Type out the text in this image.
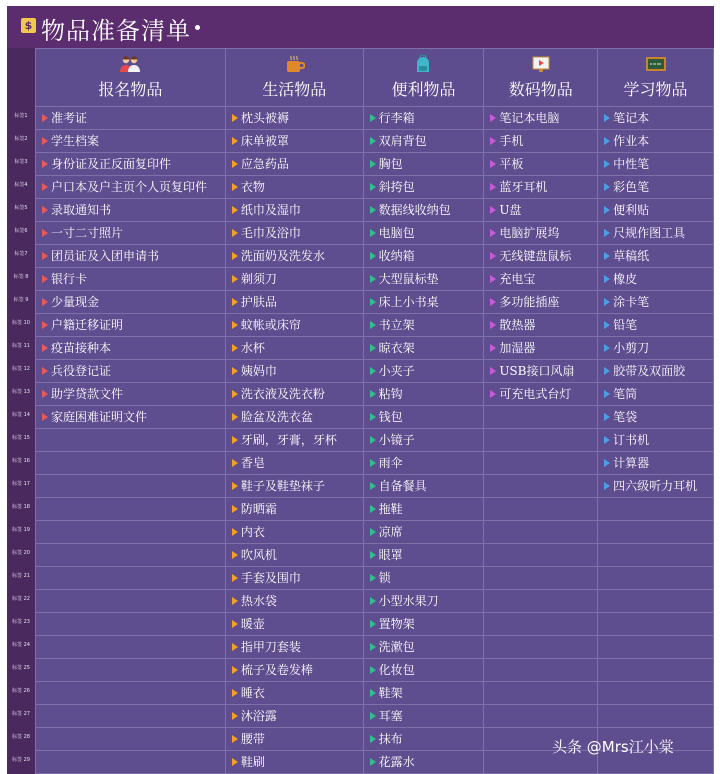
$ 物品准备清单
标签1
标签2
标签3
标签4
标签5
标签6
标签7
标签 8
标签 9
标签 10
标签 11
标签 12
标签 13
标签 14
标签 15
标签 16
标签 17
标签 18
标签 19
标签 20
标签 21
标签 22
标签 23
标签 24
标签 25
标签 26
标签 27
标签 28
标签 29
报名物品	生活物品	便利物品	数码物品	学习物品

准考证	枕头被褥	行李箱	笔记本电脑	笔记本
学生档案	床单被罩	双肩背包	手机	作业本
身份证及正反面复印件	应急药品	胸包	平板	中性笔
户口本及户主页个人页复印件	衣物	斜挎包	蓝牙耳机	彩色笔
录取通知书	纸巾及湿巾	数据线收纳包	U盘	便利贴
一寸二寸照片	毛巾及浴巾	电脑包	电脑扩展坞	尺规作图工具
团员证及入团申请书	洗面奶及洗发水	收纳箱	无线键盘鼠标	草稿纸
银行卡	剃须刀	大型鼠标垫	充电宝	橡皮
少量现金	护肤品	床上小书桌	多功能插座	涂卡笔
户籍迁移证明	蚊帐或床帘	书立架	散热器	铅笔
疫苗接种本	水杯	晾衣架	加湿器	小剪刀
兵役登记证	姨妈巾	小夹子	USB接口风扇	胶带及双面胶
助学贷款文件	洗衣液及洗衣粉	粘钩	可充电式台灯	笔筒
家庭困难证明文件	脸盆及洗衣盆	钱包		笔袋
	牙刷，牙膏，牙杯	小镜子		订书机
	香皂	雨伞		计算器
	鞋子及鞋垫袜子	自备餐具		四六级听力耳机
	防晒霜	拖鞋		
	内衣	凉席		
	吹风机	眼罩		
	手套及围巾	锁		
	热水袋	小型水果刀		
	暖壶	置物架		
	指甲刀套装	洗漱包		
	梳子及卷发棒	化妆包		
	睡衣	鞋架		
	沐浴露	耳塞		
	腰带	抹布		
	鞋刷	花露水		
头条 @Mrs江小棠
